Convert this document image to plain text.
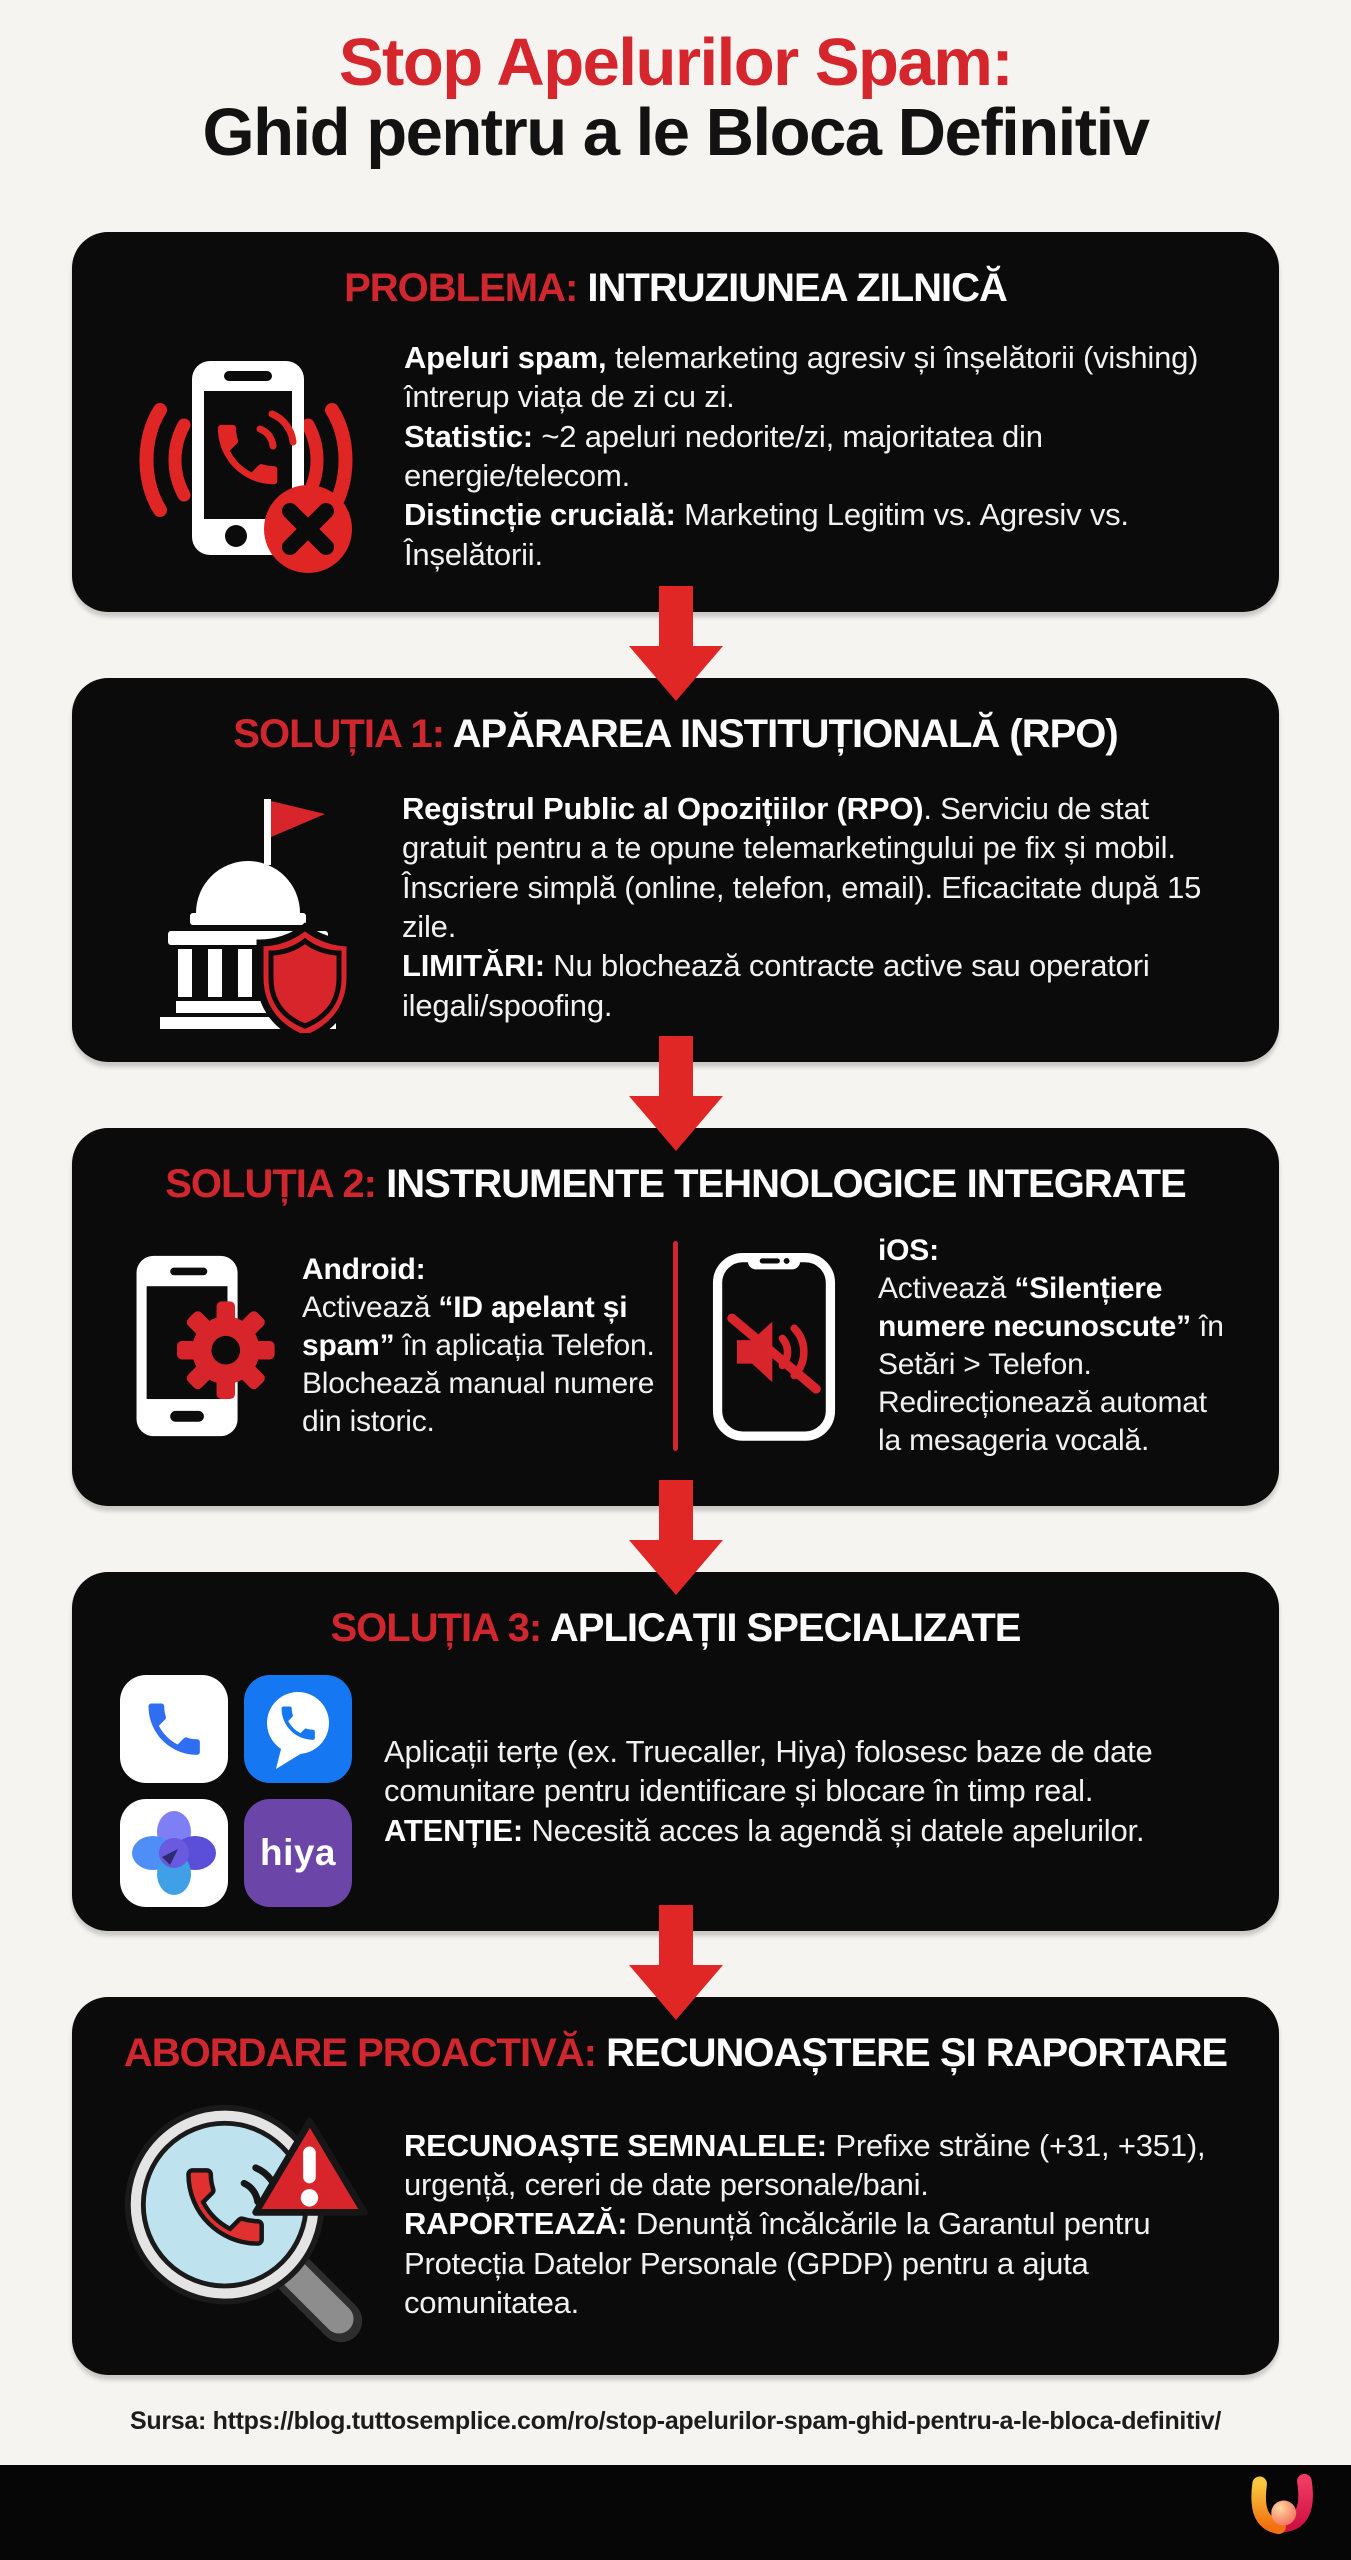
Stop Apelurilor Spam:
Ghid pentru a le Bloca Definitiv
PROBLEMA: INTRUZIUNEA ZILNICĂ

Apeluri spam, telemarketing agresiv și înșelătorii (vishing) întrerup viața de zi cu zi.

Statistic: ~2 apeluri nedorite/zi, majoritatea din energie/telecom.

Distincție crucială: Marketing Legitim vs. Agresiv vs. Înșelătorii.

SOLUȚIA 1: APĂRAREA INSTITUȚIONALĂ (RPO)

Registrul Public al Opozițiilor (RPO). Serviciu de stat gratuit pentru a te opune telemarketingului pe fix și mobil. Înscriere simplă (online, telefon, email). Eficacitate după 15 zile.

LIMITĂRI: Nu blochează contracte active sau operatori ilegali/spoofing.

SOLUȚIA 2: INSTRUMENTE TEHNOLOGICE INTEGRATE

Android:

Activează “ID apelant și spam” în aplicația Telefon.

Blochează manual numere din istoric.

iOS:

Activează “Silențiere numere necunoscute” în Setări > Telefon.

Redirecționează automat la mesageria vocală.

SOLUȚIA 3: APLICAȚII SPECIALIZATE
hiya

Aplicații terțe (ex. Truecaller, Hiya) folosesc baze de date comunitare pentru identificare și blocare în timp real.

ATENȚIE: Necesită acces la agendă și datele apelurilor.

ABORDARE PROACTIVĂ: RECUNOAȘTERE ȘI RAPORTARE

RECUNOAȘTE SEMNALELE: Prefixe străine (+31, +351), urgență, cereri de date personale/bani.

RAPORTEAZĂ: Denunță încălcările la Garantul pentru Protecția Datelor Personale (GPDP) pentru a ajuta comunitatea.

Sursa: https://blog.tuttosemplice.com/ro/stop-apelurilor-spam-ghid-pentru-a-le-bloca-definitiv/
